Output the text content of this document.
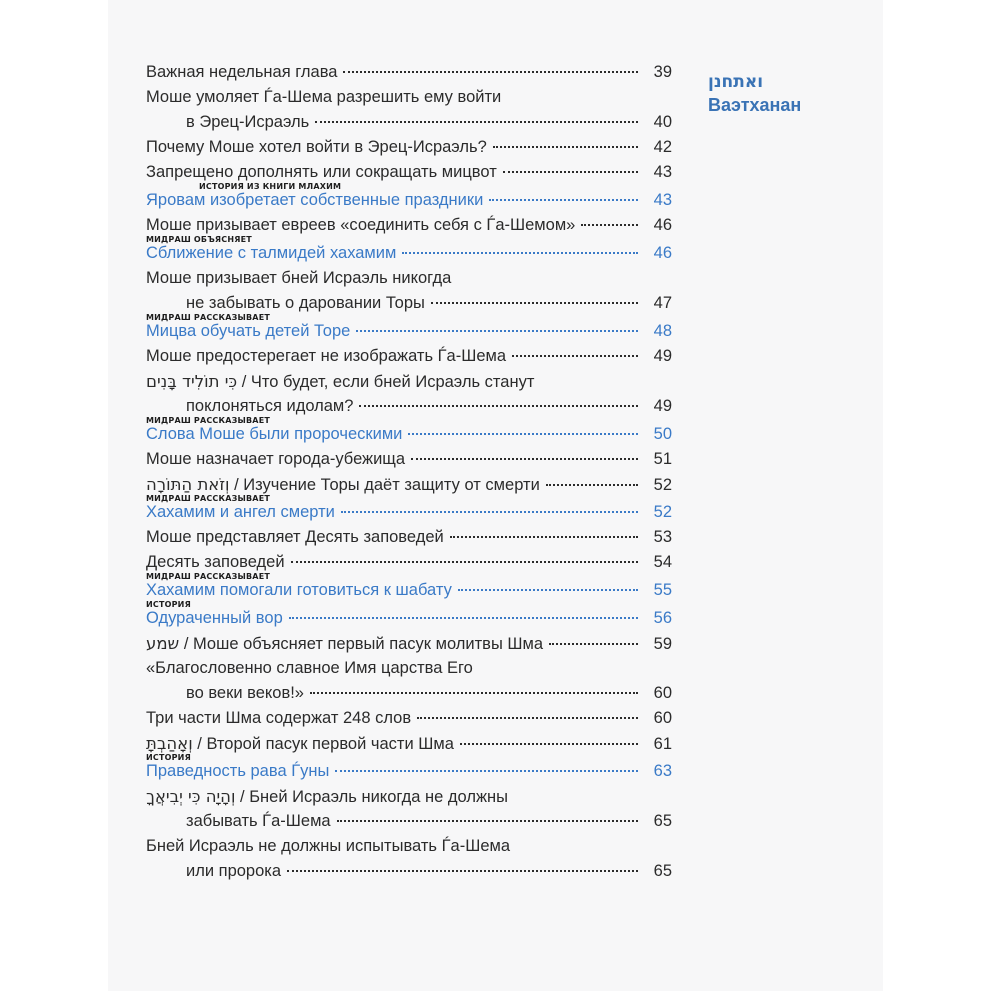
ואתחנן
Ваэтханан
Важная недельная глава	39
Моше умоляет Ѓа-Шема разрешить ему войти
в Эрец-Исраэль	40
Почему Моше хотел войти в Эрец-Исраэль?	42
Запрещено дополнять или сокращать мицвот	43
ИСТОРИЯ ИЗ КНИГИ МЛАХИМ
Яровам изобретает собственные праздники	43
Моше призывает евреев «соединить себя с Ѓа-Шемом»	46
МИДРАШ ОБЪЯСНЯЕТ
Сближение с талмидей хахамим	46
Моше призывает бней Исраэль никогда
не забывать о даровании Торы	47
МИДРАШ РАССКАЗЫВАЕТ
Мицва обучать детей Торе	48
Моше предостерегает не изображать Ѓа-Шема	49
כִּי תוֹלִיד בָּנִים / Что будет, если бней Исраэль станут
поклоняться идолам?	49
МИДРАШ РАССКАЗЫВАЕТ
Слова Моше были пророческими	50
Моше назначает города-убежища	51
וְזֹאת הַתּוֹרָה / Изучение Торы даёт защиту от смерти	52
МИДРАШ РАССКАЗЫВАЕТ
Хахамим и ангел смерти	52
Моше представляет Десять заповедей	53
Десять заповедей	54
МИДРАШ РАССКАЗЫВАЕТ
Хахамим помогали готовиться к шабату	55
ИСТОРИЯ
Одураченный вор	56
שמע / Моше объясняет первый пасук молитвы Шма	59
«Благословенно славное Имя царства Его
во веки веков!»	60
Три части Шма содержат 248 слов	60
וְאָהַבְתָּ / Второй пасук первой части Шма	61
ИСТОРИЯ
Праведность рава Ѓуны	63
וְהָיָה כִּי יְבִיאֲךָ / Бней Исраэль никогда не должны
забывать Ѓа-Шема	65
Бней Исраэль не должны испытывать Ѓа-Шема
или пророка	65
